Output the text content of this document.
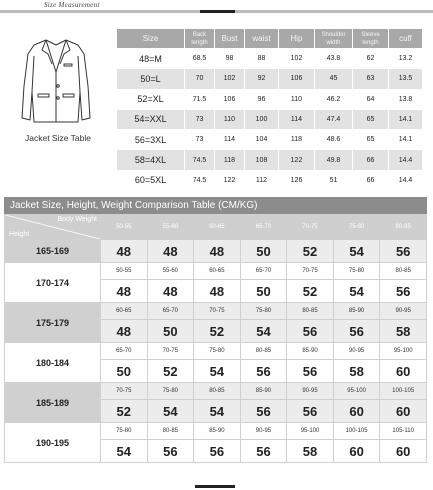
Size Measurement
Jacket Size Table
Size	Back length	Bust	waist	Hip	Shoulder width	Sleeve length	cuff
48=M	68.5	98	88	102	43.8	62	13.2
50=L	70	102	92	106	45	63	13.5
52=XL	71.5	106	96	110	46.2	64	13.8
54=XXL	73	110	100	114	47.4	65	14.1
56=3XL	73	114	104	118	48.6	65	14.1
58=4XL	74.5	118	108	122	49.8	66	14.4
60=5XL	74.5	122	112	126	51	66	14.4
Jacket Size, Height, Weight Comparison Table (CM/KG)
Body Weight
Height	50-55	55-60	60-65	65-70	70-75	75-80	80-85
165-169	48	48	48	50	52	54	56
170-174	50-55	55-60	60-65	65-70	70-75	75-80	80-85
	48	48	48	50	52	54	56
175-179	60-65	65-70	70-75	75-80	80-85	85-90	90-95
	48	50	52	54	56	56	58
180-184	65-70	70-75	75-80	80-85	85-90	90-95	95-100
	50	52	54	56	56	58	60
185-189	70-75	75-80	80-85	85-90	90-95	95-100	100-105
	52	54	54	56	56	60	60
190-195	75-80	80-85	85-90	90-95	95-100	100-105	105-110
	54	56	56	56	58	60	60
